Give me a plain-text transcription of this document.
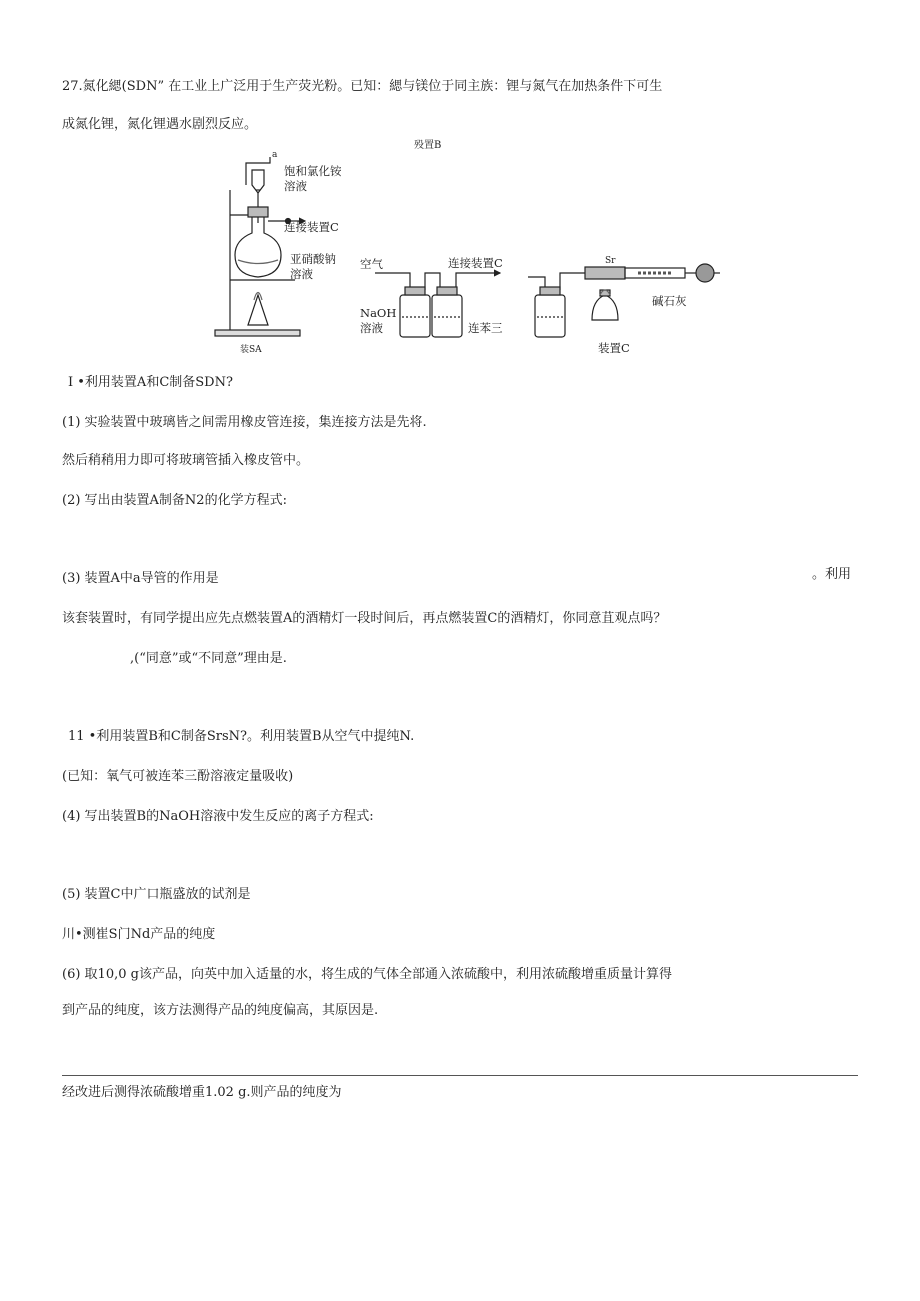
27.氮化緦(SDN” 在工业上广泛用于生产荧光粉。已知：緦与镁位于同主族：锂与氮气在加热条件下可生
成氮化锂，氮化锂遇水剧烈反应。
殁置B
a
饱和氯化铵
溶液
连接装置C
亚硝酸钠
溶液
装SA
空气	连接装置C
NaOH
溶液	连苯三
Sr
碱石灰
装置C
I •利用装置A和C制备SDN?
(1) 实验装置中玻璃皆之间需用橡皮管连接，集连接方法是先将.
然后稍稍用力即可将玻璃管插入橡皮管中。
(2) 写出由装置A制备N2的化学方程式:
(3) 装置A中a导管的作用是	。利用
该套装置时，有同学提出应先点燃装置A的酒精灯一段时间后，再点燃装置C的酒精灯，你同意苴观点吗？
,(“同意”或“不同意”理由是.
11 •利用装置B和C制备SrsN?。利用装置B从空气中提纯N.
(已知：氧气可被连苯三酚溶液定量吸收)
(4) 写出装置B的NaOH溶液中发生反应的离子方程式:
(5) 装置C中广口瓶盛放的试剂是
川•测崔S门Nd产品的纯度
(6) 取10,0 g该产品，向英中加入适量的水，将生成的气体全部通入浓硫酸中，利用浓硫酸增重质量计算得
到产品的纯度，该方法测得产品的纯度偏高，其原因是.
经改进后测得浓硫酸增重1.02 g.则产品的纯度为
